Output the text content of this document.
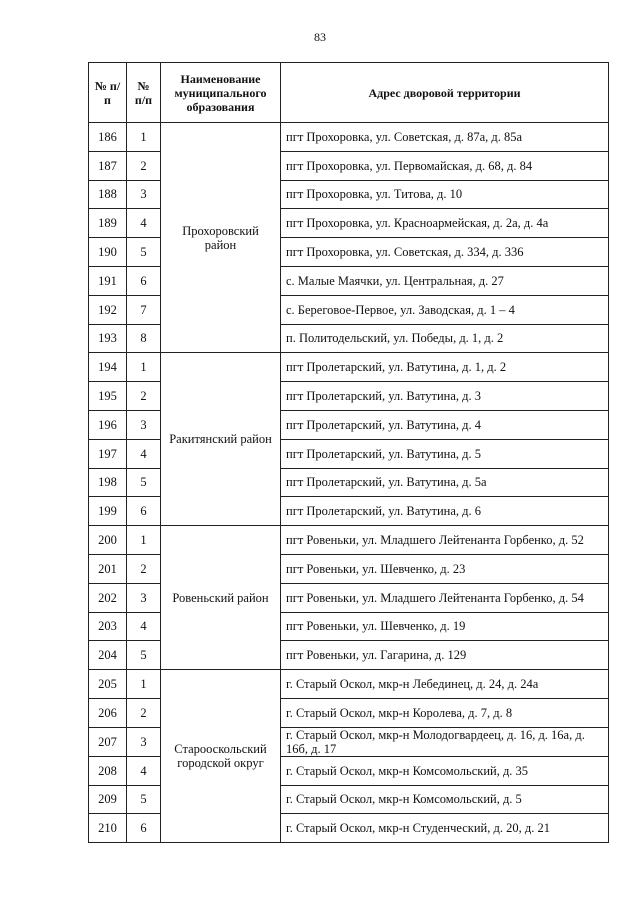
83
№ п/п	№ п/п	Наименование муниципального образования	Адрес дворовой территории
186	1	Прохоровский район	пгт Прохоровка, ул. Советская, д. 87а, д. 85а
187	2		пгт Прохоровка, ул. Первомайская, д. 68, д. 84
188	3		пгт Прохоровка, ул. Титова, д. 10
189	4		пгт Прохоровка, ул. Красноармейская, д. 2а, д. 4а
190	5		пгт Прохоровка, ул. Советская, д. 334, д. 336
191	6		с. Малые Маячки, ул. Центральная, д. 27
192	7		с. Береговое-Первое, ул. Заводская, д. 1 – 4
193	8		п. Политодельский, ул. Победы, д. 1, д. 2
194	1	Ракитянский район	пгт Пролетарский, ул. Ватутина, д. 1, д. 2
195	2		пгт Пролетарский, ул. Ватутина, д. 3
196	3		пгт Пролетарский, ул. Ватутина, д. 4
197	4		пгт Пролетарский, ул. Ватутина, д. 5
198	5		пгт Пролетарский, ул. Ватутина, д. 5а
199	6		пгт Пролетарский, ул. Ватутина, д. 6
200	1	Ровеньский район	пгт Ровеньки, ул. Младшего Лейтенанта Горбенко, д. 52
201	2		пгт Ровеньки, ул. Шевченко, д. 23
202	3		пгт Ровеньки, ул. Младшего Лейтенанта Горбенко, д. 54
203	4		пгт Ровеньки, ул. Шевченко, д. 19
204	5		пгт Ровеньки, ул. Гагарина, д. 129
205	1	Старооскольский городской округ	г. Старый Оскол, мкр-н Лебединец, д. 24, д. 24а
206	2		г. Старый Оскол, мкр-н Королева, д. 7, д. 8
207	3		г. Старый Оскол, мкр-н Молодогвардеец, д. 16, д. 16а, д. 16б, д. 17
208	4		г. Старый Оскол, мкр-н Комсомольский, д. 35
209	5		г. Старый Оскол, мкр-н Комсомольский, д. 5
210	6		г. Старый Оскол, мкр-н Студенческий, д. 20, д. 21
